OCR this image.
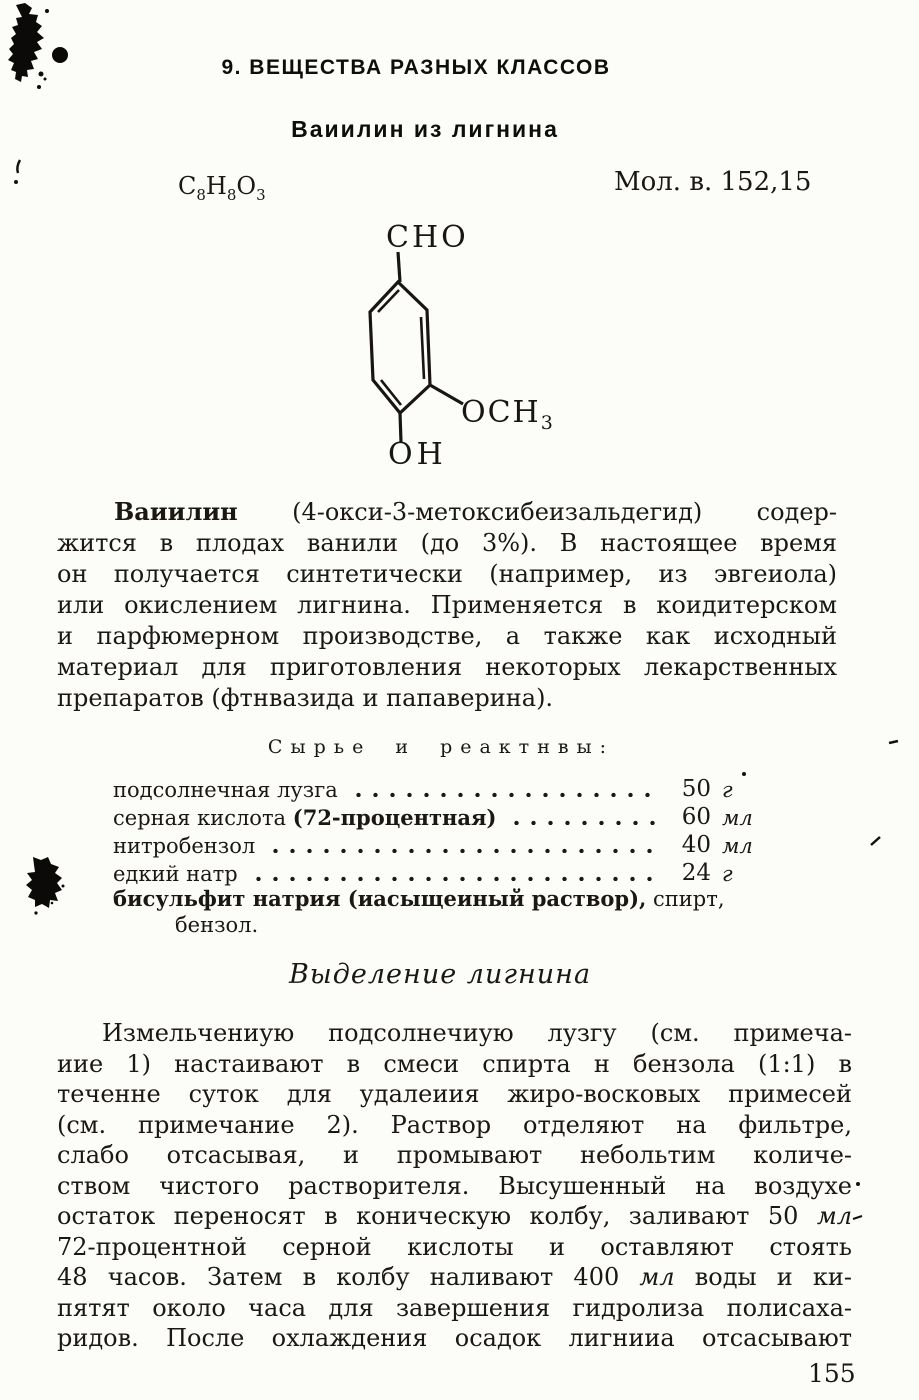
9. ВЕЩЕСТВА РАЗНЫХ КЛАССОВ
Ваиилин из лигнина
$C_8H_8O_3$	Мол. в. 152,15
CHO
$OCH_3$
OH
Ваиилин (4-окси-3-метоксибеизальдегид) содер-
жится в плодах ванили (до 3%). В настоящее время
он получается синтетически (например, из эвгеиола)
или окислением лигнина. Применяется в коидитерском
и парфюмерном производстве, а также как исходный
материал для приготовления некоторых лекарственных
препаратов (фтнвазида и папаверина).
Сырье и реактнвы:
подсолнечная лузга	50 г
серная кислота (72-процентная)	60 мл
нитробензол	40 мл
едкий натр	24 г
бисульфит натрия (иасыщеиный раствор), спирт,
бензол.
Выделение лигнина
Измельчениую подсолнечиую лузгу (см. примеча-
иие 1) настаивают в смеси спирта н бензола (1:1) в
теченне суток для удалеиия жиро-восковых примесей
(см. примечание 2). Раствор отделяют на фильтре,
слабо отсасывая, и промывают небольтим количе-
ством чистого растворителя. Высушенный на воздухе
остаток переносят в коническую колбу, заливают 50 мл
72-процентной серной кислоты и оставляют стоять
48 часов. Затем в колбу наливают 400 мл воды и ки-
пятят около часа для завершения гидролиза полисаха-
ридов. После охлаждения осадок лигнииа отсасывают
155
